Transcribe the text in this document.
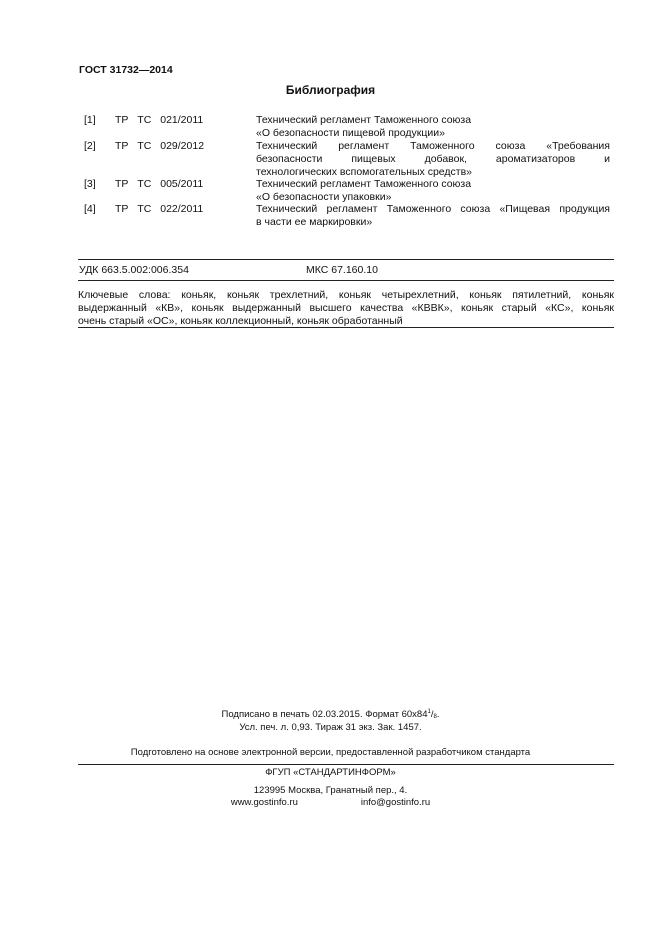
ГОСТ 31732—2014
Библиография
[1] ТР ТС 021/2011	Технический регламент Таможенного союза
«О безопасности пищевой продукции»
[2] ТР ТС 029/2012	Технический регламент Таможенного союза «Требования
безопасности пищевых добавок, ароматизаторов и
технологических вспомогательных средств»
[3] ТР ТС 005/2011	Технический регламент Таможенного союза
«О безопасности упаковки»
[4] ТР ТС 022/2011	Технический регламент Таможенного союза «Пищевая продукция
в части ее маркировки»
УДК 663.5.002:006.354	МКС 67.160.10
Ключевые слова: коньяк, коньяк трехлетний, коньяк четырехлетний, коньяк пятилетний, коньяк
выдержанный «КВ», коньяк выдержанный высшего качества «КВВК», коньяк старый «КС», коньяк
очень старый «ОС», коньяк коллекционный, коньяк обработанный
Подписано в печать 02.03.2015. Формат $60x84^1/_8$.
Усл. печ. л. 0,93. Тираж 31 экз. Зак. 1457.
Подготовлено на основе электронной версии, предоставленной разработчиком стандарта
ФГУП «СТАНДАРТИНФОРМ»
123995 Москва, Гранатный пер., 4.
www.gostinfo.ru	info@gostinfo.ru
